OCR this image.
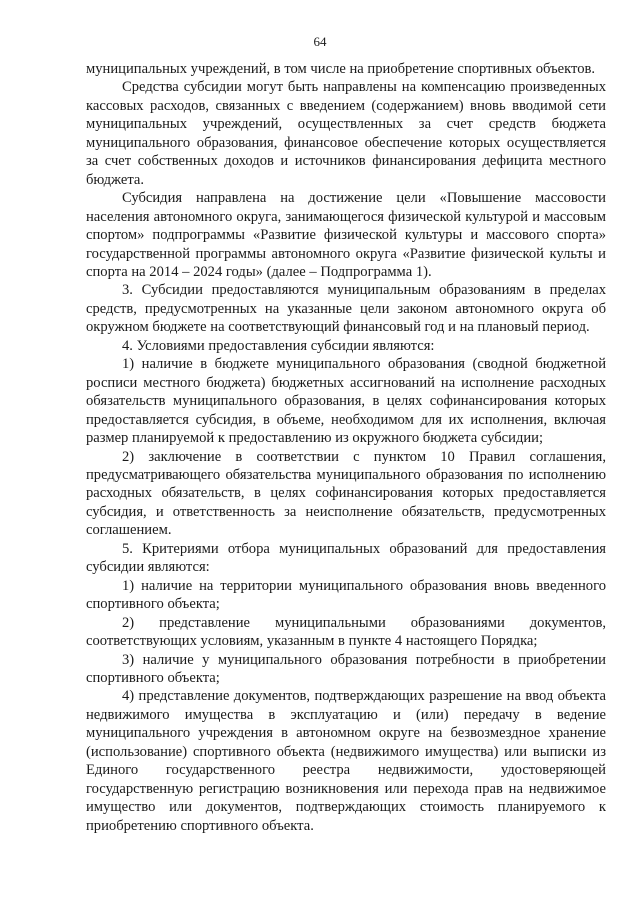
64

муниципальных учреждений, в том числе на приобретение спортивных объектов.

Средства субсидии могут быть направлены на компенсацию произведенных кассовых расходов, связанных с введением (содержанием) вновь вводимой сети муниципальных учреждений, осуществленных за счет средств бюджета муниципального образования, финансовое обеспечение которых осуществляется за счет собственных доходов и источников финансирования дефицита местного бюджета.

Субсидия направлена на достижение цели «Повышение массовости населения автономного округа, занимающегося физической культурой и массовым спортом» подпрограммы «Развитие физической культуры и массового спорта» государственной программы автономного округа «Развитие физической культы и спорта на 2014 – 2024 годы» (далее – Подпрограмма 1).

3. Субсидии предоставляются муниципальным образованиям в пределах средств, предусмотренных на указанные цели законом автономного округа об окружном бюджете на соответствующий финансовый год и на плановый период.

4. Условиями предоставления субсидии являются:

1) наличие в бюджете муниципального образования (сводной бюджетной росписи местного бюджета) бюджетных ассигнований на исполнение расходных обязательств муниципального образования, в целях софинансирования которых предоставляется субсидия, в объеме, необходимом для их исполнения, включая размер планируемой к предоставлению из окружного бюджета субсидии;

2) заключение в соответствии с пунктом 10 Правил соглашения, предусматривающего обязательства муниципального образования по исполнению расходных обязательств, в целях софинансирования которых предоставляется субсидия, и ответственность за неисполнение обязательств, предусмотренных соглашением.

5. Критериями отбора муниципальных образований для предоставления субсидии являются:

1) наличие на территории муниципального образования вновь введенного спортивного объекта;

2) представление муниципальными образованиями документов, соответствующих условиям, указанным в пункте 4 настоящего Порядка;

3) наличие у муниципального образования потребности в приобретении спортивного объекта;

4) представление документов, подтверждающих разрешение на ввод объекта недвижимого имущества в эксплуатацию и (или) передачу в ведение муниципального учреждения в автономном округе на безвозмездное хранение (использование) спортивного объекта (недвижимого имущества) или выписки из Единого государственного реестра недвижимости, удостоверяющей государственную регистрацию возникновения или перехода прав на недвижимое имущество или документов, подтверждающих стоимость планируемого к приобретению спортивного объекта.
